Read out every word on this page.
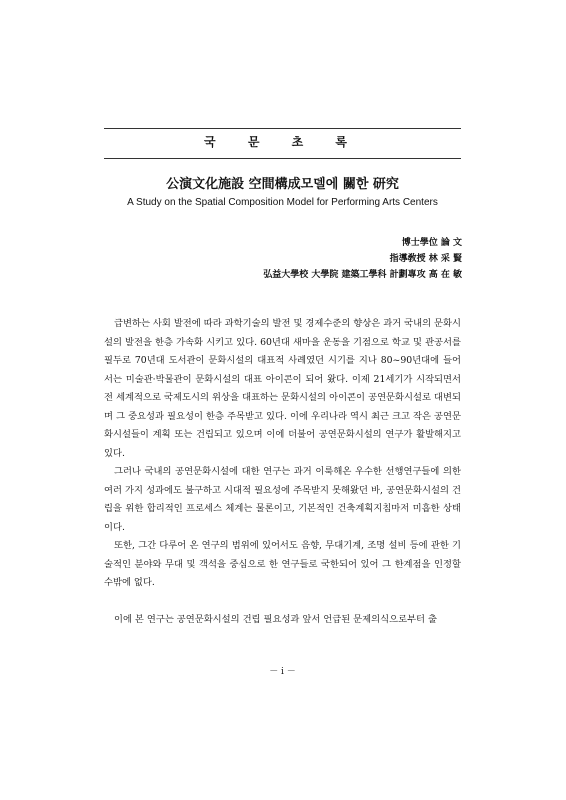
국 문 초 록
公演文化施設 空間構成모델에 關한 研究
A Study on the Spatial Composition Model for Performing Arts Centers
博士學位 論 文
指導敎授 林 采 賢
弘益大學校 大學院 建築工學科 計劃專攻 高 在 敏

급변하는 사회 발전에 따라 과학기술의 발전 및 경제수준의 향상은 과거 국내의 문화시설의 발전을 한층 가속화 시키고 있다. 60년대 새마을 운동을 기점으로 학교 및 관공서를 필두로 70년대 도서관이 문화시설의 대표적 사례였던 시기를 지나 80~90년대에 들어서는 미술관·박물관이 문화시설의 대표 아이콘이 되어 왔다. 이제 21세기가 시작되면서 전 세계적으로 국제도시의 위상을 대표하는 문화시설의 아이콘이 공연문화시설로 대변되며 그 중요성과 필요성이 한층 주목받고 있다. 이에 우리나라 역시 최근 크고 작은 공연문화시설들이 계획 또는 건립되고 있으며 이에 더불어 공연문화시설의 연구가 활발해지고 있다.

그러나 국내의 공연문화시설에 대한 연구는 과거 이룩해온 우수한 선행연구들에 의한 여러 가지 성과에도 불구하고 시대적 필요성에 주목받지 못해왔던 바, 공연문화시설의 건립을 위한 합리적인 프로세스 체계는 물론이고, 기본적인 건축계획지침마저 미흡한 상태이다.

또한, 그간 다루어 온 연구의 범위에 있어서도 음향, 무대기계, 조명 설비 등에 관한 기술적인 분야와 무대 및 객석을 중심으로 한 연구들로 국한되어 있어 그 한계점을 인정할 수밖에 없다.

이에 본 연구는 공연문화시설의 건립 필요성과 앞서 언급된 문제의식으로부터 출

－ i －
